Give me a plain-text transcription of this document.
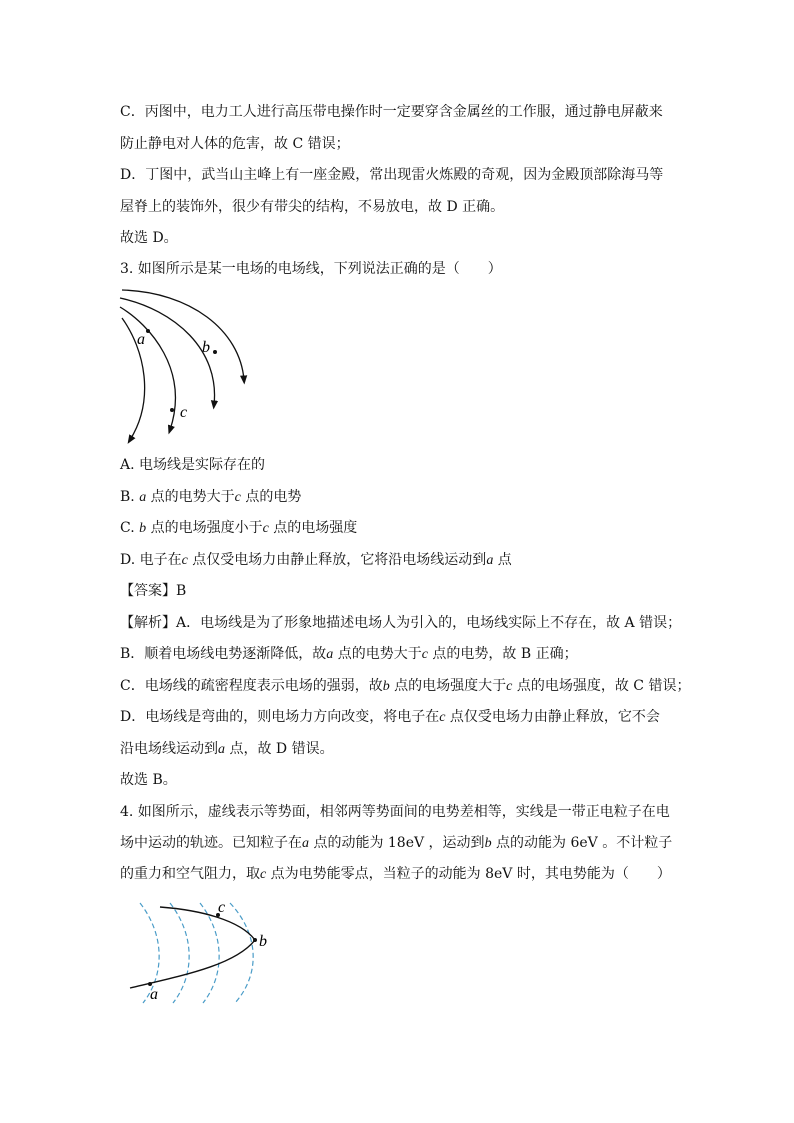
C．丙图中，电力工人进行高压带电操作时一定要穿含金属丝的工作服，通过静电屏蔽来
防止静电对人体的危害，故 C 错误；
D．丁图中，武当山主峰上有一座金殿，常出现雷火炼殿的奇观，因为金殿顶部除海马等
屋脊上的装饰外，很少有带尖的结构，不易放电，故 D 正确。
故选 D。
3. 如图所示是某一电场的电场线，下列说法正确的是（　　）
a	b
c
A. 电场线是实际存在的
B. a 点的电势大于c 点的电势
C. b 点的电场强度小于c 点的电场强度
D. 电子在c 点仅受电场力由静止释放，它将沿电场线运动到a 点
【答案】B
【解析】A．电场线是为了形象地描述电场人为引入的，电场线实际上不存在，故 A 错误；
B．顺着电场线电势逐渐降低，故a 点的电势大于c 点的电势，故 B 正确；
C．电场线的疏密程度表示电场的强弱，故b 点的电场强度大于c 点的电场强度，故 C 错误；
D．电场线是弯曲的，则电场力方向改变，将电子在c 点仅受电场力由静止释放，它不会
沿电场线运动到a 点，故 D 错误。
故选 B。
4. 如图所示，虚线表示等势面，相邻两等势面间的电势差相等，实线是一带正电粒子在电
场中运动的轨迹。已知粒子在a 点的动能为 18eV ，运动到b 点的动能为 6eV 。不计粒子
的重力和空气阻力，取c 点为电势能零点，当粒子的动能为 8eV 时，其电势能为（　　）
a
b
c
